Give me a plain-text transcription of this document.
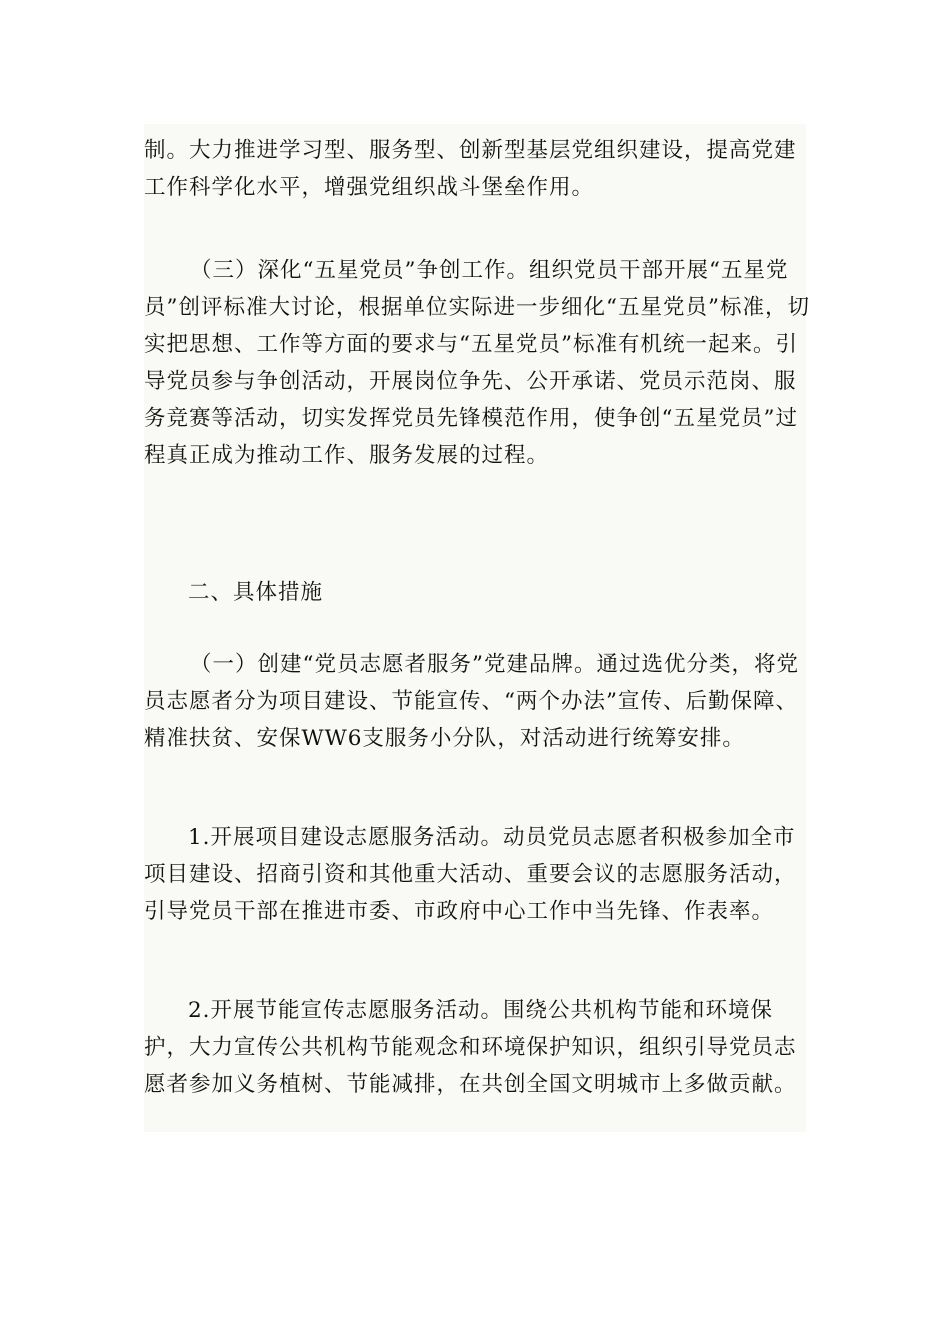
制。大力推进学习型、服务型、创新型基层党组织建设，提高党建工作科学化水平，增强党组织战斗堡垒作用。

（三）深化“五星党员”争创工作。组织党员干部开展“五星党员”创评标准大讨论，根据单位实际进一步细化“五星党员”标准，切实把思想、工作等方面的要求与“五星党员”标准有机统一起来。引导党员参与争创活动，开展岗位争先、公开承诺、党员示范岗、服务竞赛等活动，切实发挥党员先锋模范作用，使争创“五星党员”过程真正成为推动工作、服务发展的过程。

二、具体措施

（一）创建“党员志愿者服务”党建品牌。通过选优分类，将党员志愿者分为项目建设、节能宣传、“两个办法”宣传、后勤保障、精准扶贫、安保WW6支服务小分队，对活动进行统筹安排。

1.开展项目建设志愿服务活动。动员党员志愿者积极参加全市项目建设、招商引资和其他重大活动、重要会议的志愿服务活动，引导党员干部在推进市委、市政府中心工作中当先锋、作表率。

2.开展节能宣传志愿服务活动。围绕公共机构节能和环境保护，大力宣传公共机构节能观念和环境保护知识，组织引导党员志愿者参加义务植树、节能减排，在共创全国文明城市上多做贡献。
